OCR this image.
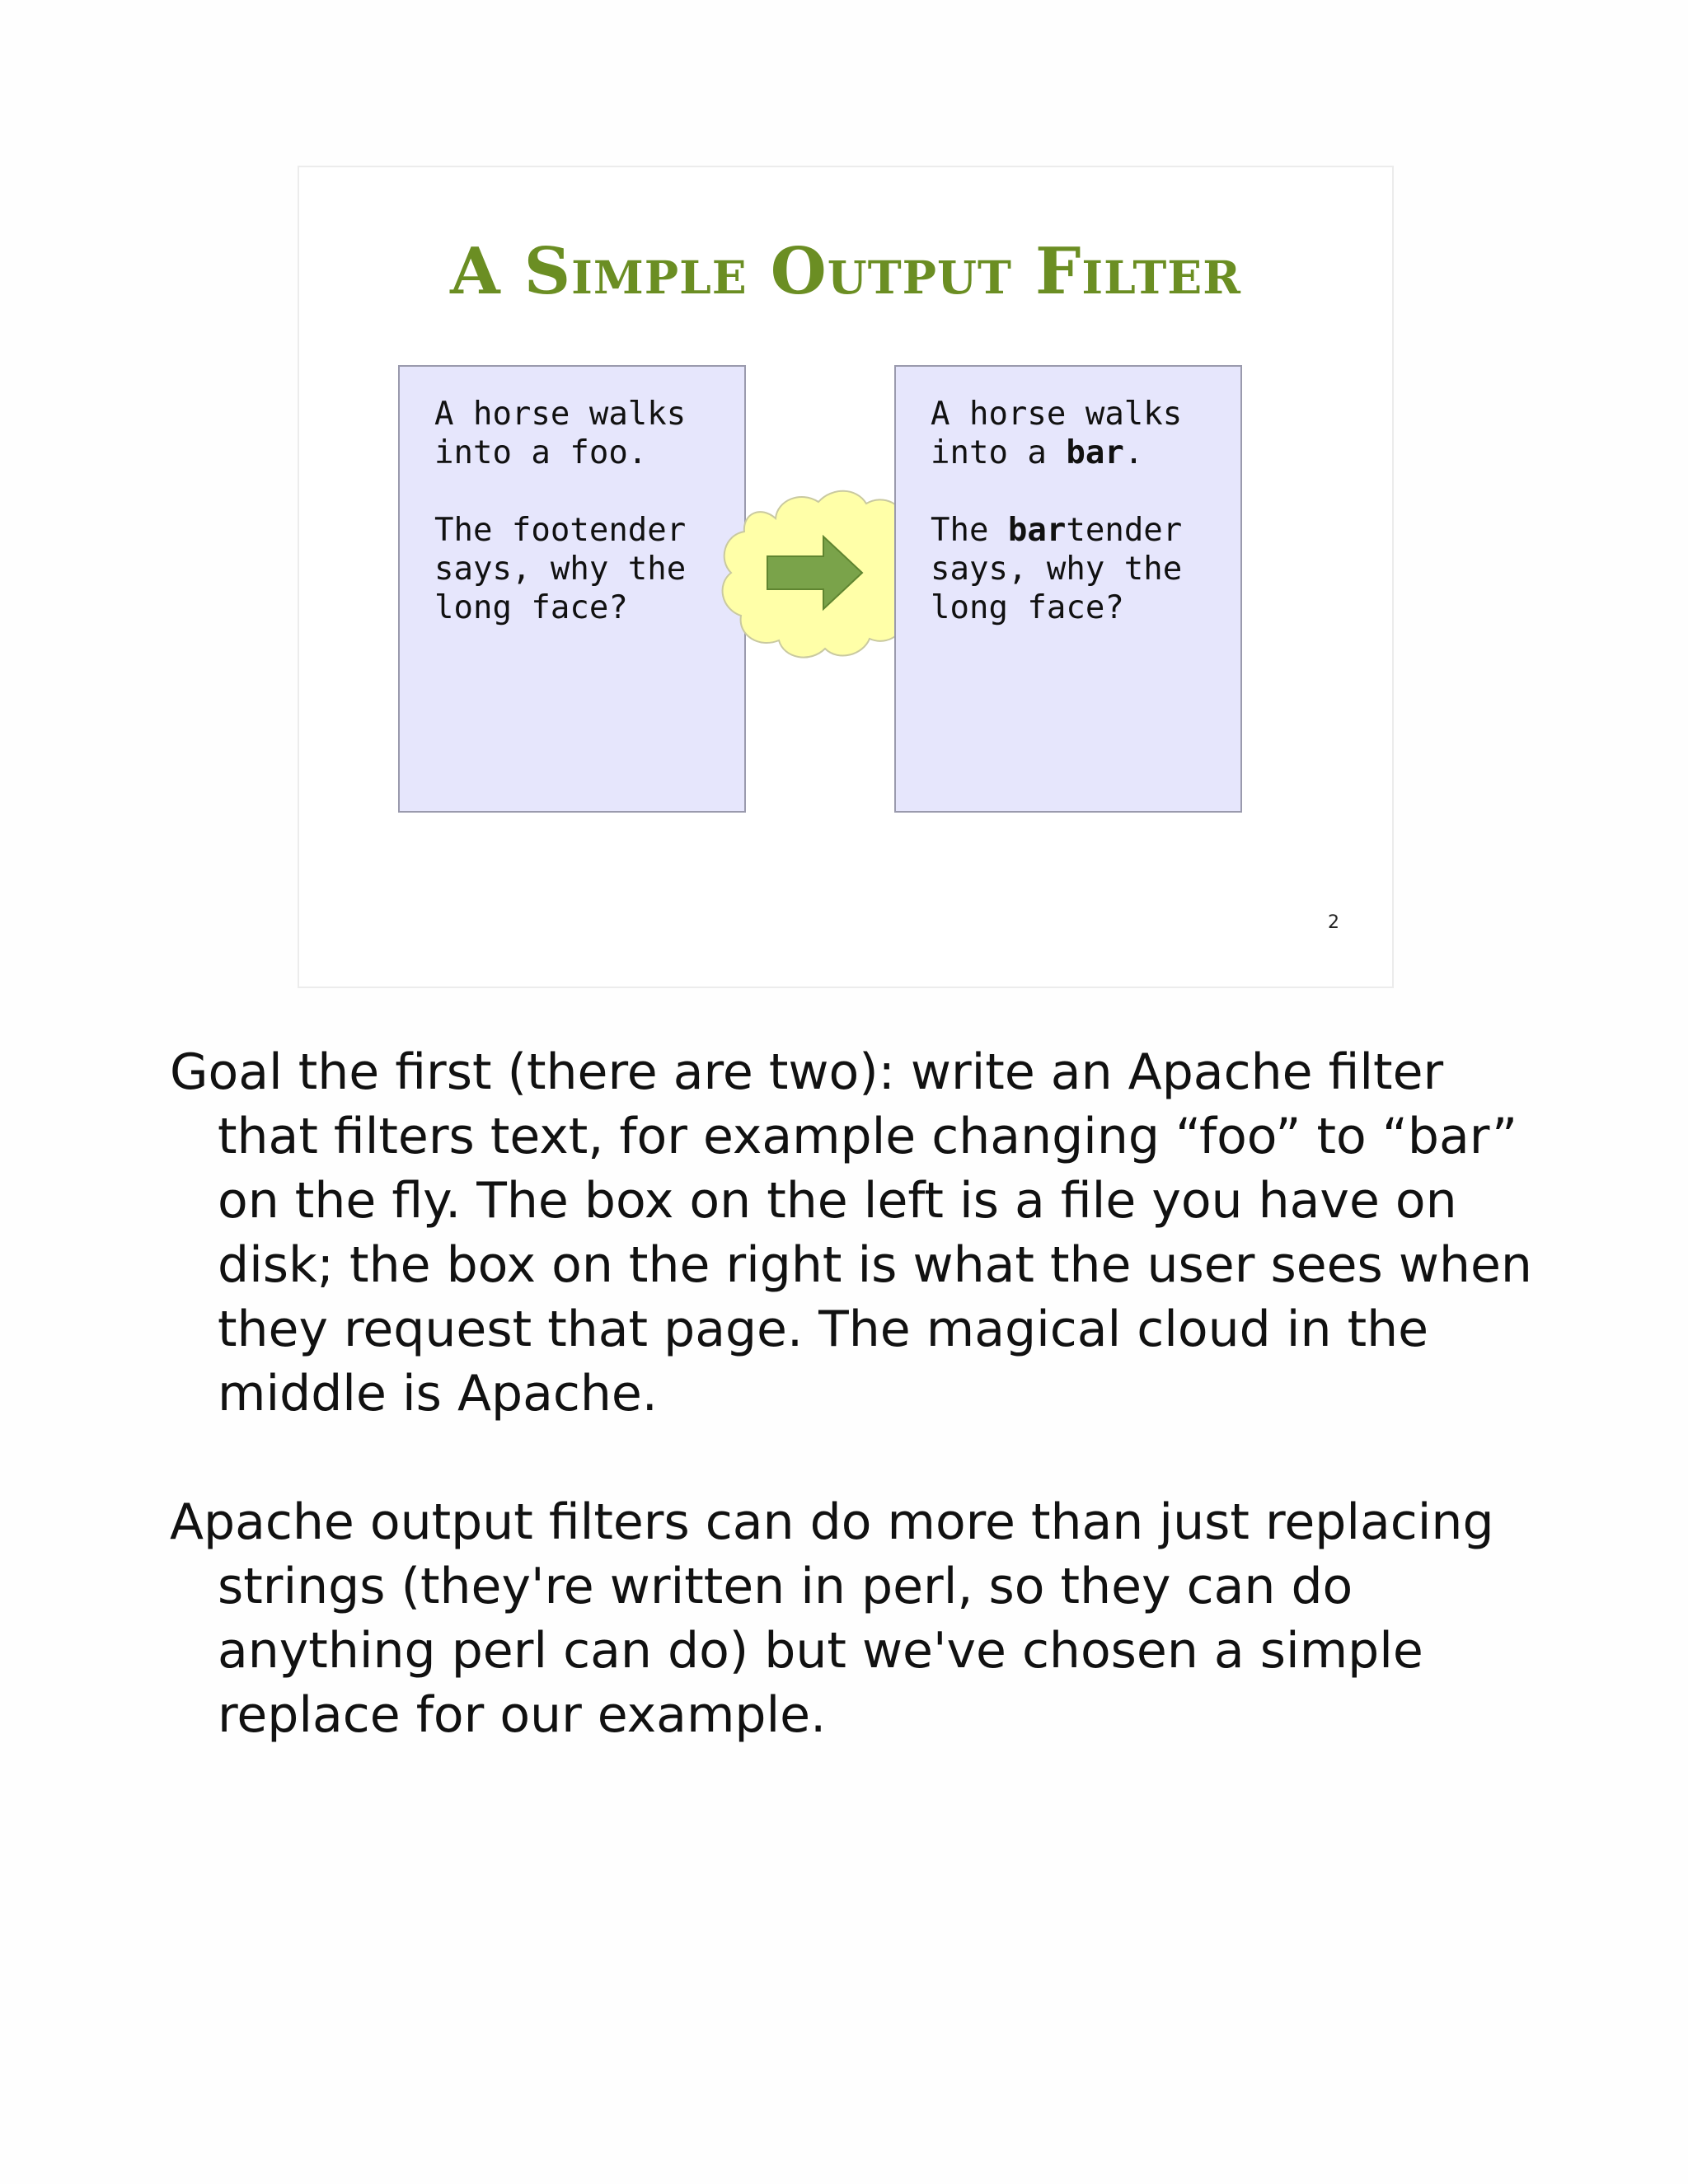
A Simple Output Filter

A horse walks
into a foo.

The footender
says, why the
long face?

A horse walks
into a bar.

The bartender
says, why the
long face?

2

Goal the first (there are two): write an Apache filter that filters text, for example changing “foo” to “bar” on the fly. The box on the left is a file you have on disk; the box on the right is what the user sees when they request that page. The magical cloud in the middle is Apache.

Apache output filters can do more than just replacing strings (they're written in perl, so they can do anything perl can do) but we've chosen a simple replace for our example.
